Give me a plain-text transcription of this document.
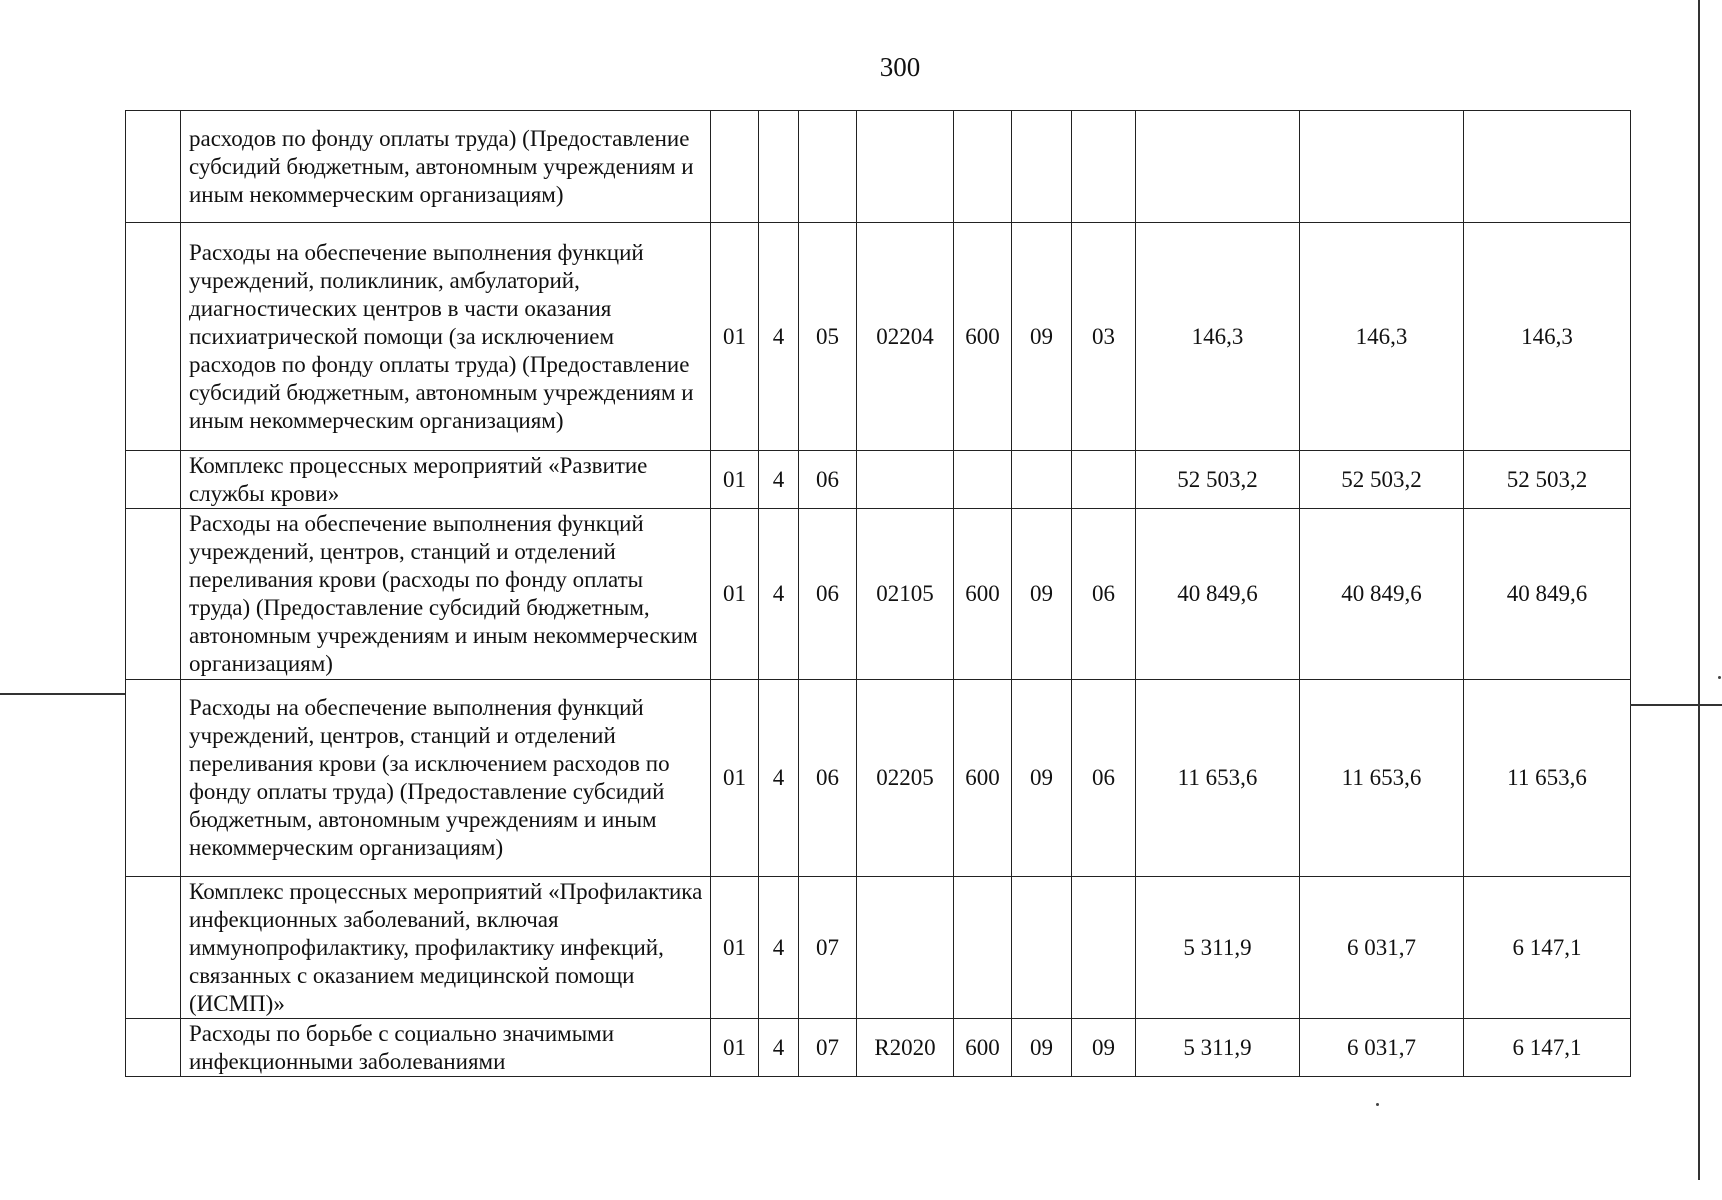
300
	расходов по фонду оплаты труда) (Предоставление субсидий бюджетным, автономным учреждениям и иным некоммерческим организациям)										
	Расходы на обеспечение выполнения функций учреждений, поликлиник, амбулаторий, диагностических центров в части оказания психиатрической помощи (за исключением расходов по фонду оплаты труда) (Предоставление субсидий бюджетным, автономным учреждениям и иным некоммерческим организациям)	01	4	05	02204	600	09	03	146,3	146,3	146,3
	Комплекс процессных мероприятий «Развитие службы крови»	01	4	06					52 503,2	52 503,2	52 503,2
	Расходы на обеспечение выполнения функций учреждений, центров, станций и отделений переливания крови (расходы по фонду оплаты труда) (Предоставление субсидий бюджетным, автономным учреждениям и иным некоммерческим организациям)	01	4	06	02105	600	09	06	40 849,6	40 849,6	40 849,6
	Расходы на обеспечение выполнения функций учреждений, центров, станций и отделений переливания крови (за исключением расходов по фонду оплаты труда) (Предоставление субсидий бюджетным, автономным учреждениям и иным некоммерческим организациям)	01	4	06	02205	600	09	06	11 653,6	11 653,6	11 653,6
	Комплекс процессных мероприятий «Профилактика инфекционных заболеваний, включая иммунопрофилактику, профилактику инфекций, связанных с оказанием медицинской помощи (ИСМП)»	01	4	07					5 311,9	6 031,7	6 147,1
	Расходы по борьбе с социально значимыми инфекционными заболеваниями	01	4	07	R2020	600	09	09	5 311,9	6 031,7	6 147,1
